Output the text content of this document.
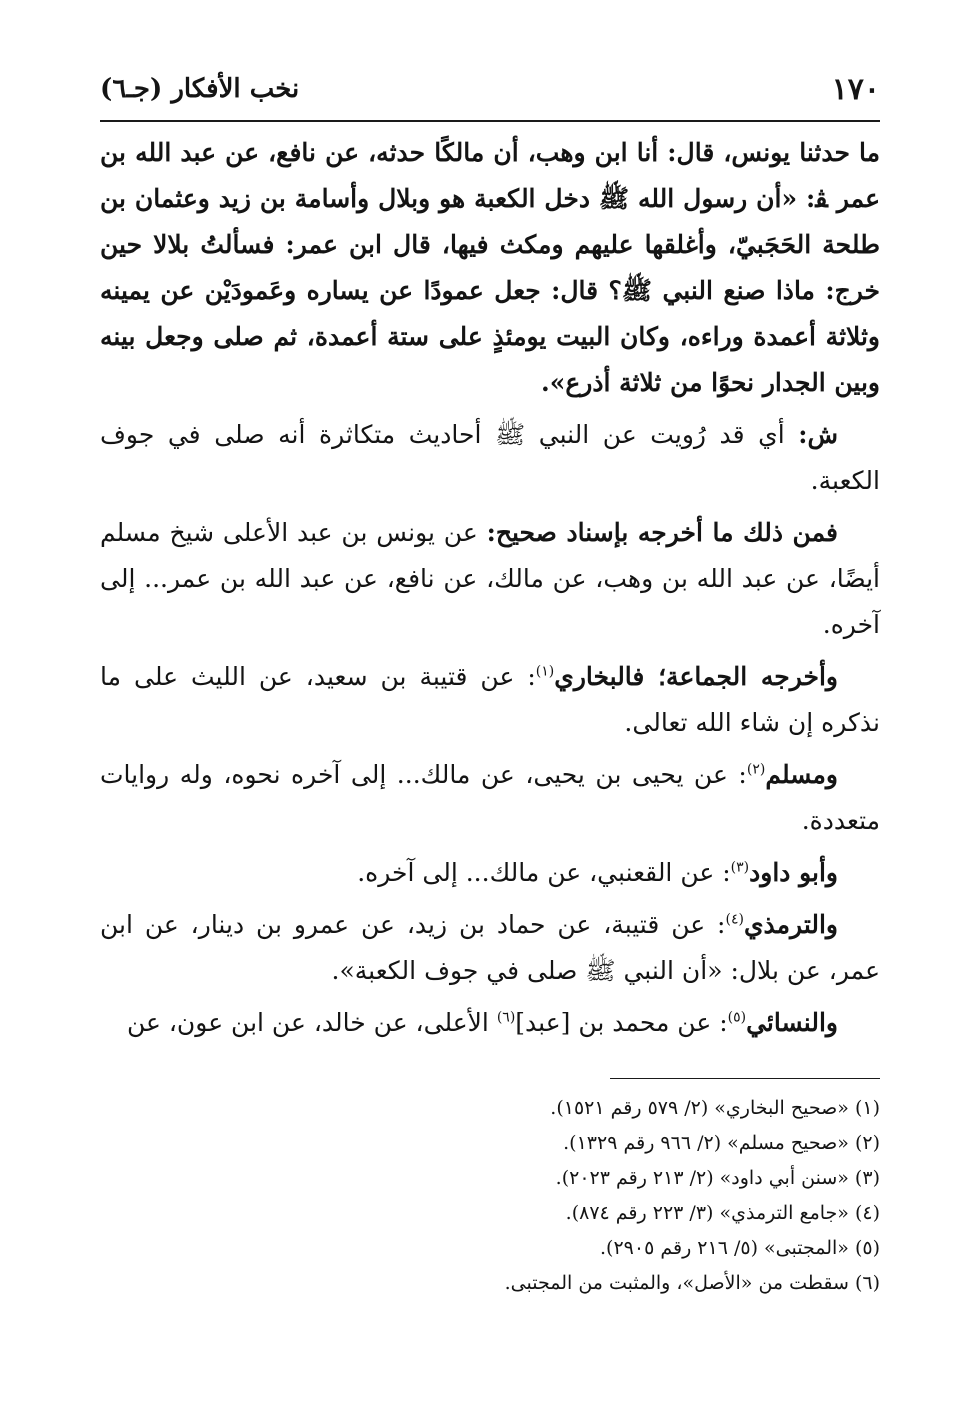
١٧٠
نخب الأفكار (جـ٦)

ما حدثنا يونس، قال: أنا ابن وهب، أن مالكًا حدثه، عن نافع، عن عبد الله بن عمر ﭭ: «أن رسول الله ﷺ دخل الكعبة هو وبلال وأسامة بن زيد وعثمان بن طلحة الحَجَبيّ، وأغلقها عليهم ومكث فيها، قال ابن عمر: فسألتُ بلالا حين خرج: ماذا صنع النبي ﷺ؟ قال: جعل عمودًا عن يساره وعَمودَيْن عن يمينه وثلاثة أعمدة وراءه، وكان البيت يومئذٍ على ستة أعمدة، ثم صلى وجعل بينه وبين الجدار نحوًا من ثلاثة أذرع».

ش: أي قد رُويت عن النبي ﷺ أحاديث متكاثرة أنه صلى في جوف الكعبة.

فمن ذلك ما أخرجه بإسناد صحيح: عن يونس بن عبد الأعلى شيخ مسلم أيضًا، عن عبد الله بن وهب، عن مالك، عن نافع، عن عبد الله بن عمر... إلى آخره.

وأخرجه الجماعة؛ فالبخاري$^{(١)}$: عن قتيبة بن سعيد، عن الليث على ما نذكره إن شاء الله تعالى.

ومسلم$^{(٢)}$: عن يحيى بن يحيى، عن مالك... إلى آخره نحوه، وله روايات متعددة.

وأبو داود$^{(٣)}$: عن القعنبي، عن مالك... إلى آخره.

والترمذي$^{(٤)}$: عن قتيبة، عن حماد بن زيد، عن عمرو بن دينار، عن ابن عمر، عن بلال: «أن النبي ﷺ صلى في جوف الكعبة».

والنسائي$^{(٥)}$: عن محمد بن [عبد]$^{(٦)}$ الأعلى، عن خالد، عن ابن عون، عن

(١) «صحيح البخاري» (٢/ ٥٧٩ رقم ١٥٢١).
(٢) «صحيح مسلم» (٢/ ٩٦٦ رقم ١٣٢٩).
(٣) «سنن أبي داود» (٢/ ٢١٣ رقم ٢٠٢٣).
(٤) «جامع الترمذي» (٣/ ٢٢٣ رقم ٨٧٤).
(٥) «المجتبى» (٥/ ٢١٦ رقم ٢٩٠٥).
(٦) سقطت من «الأصل»، والمثبت من المجتبى.
